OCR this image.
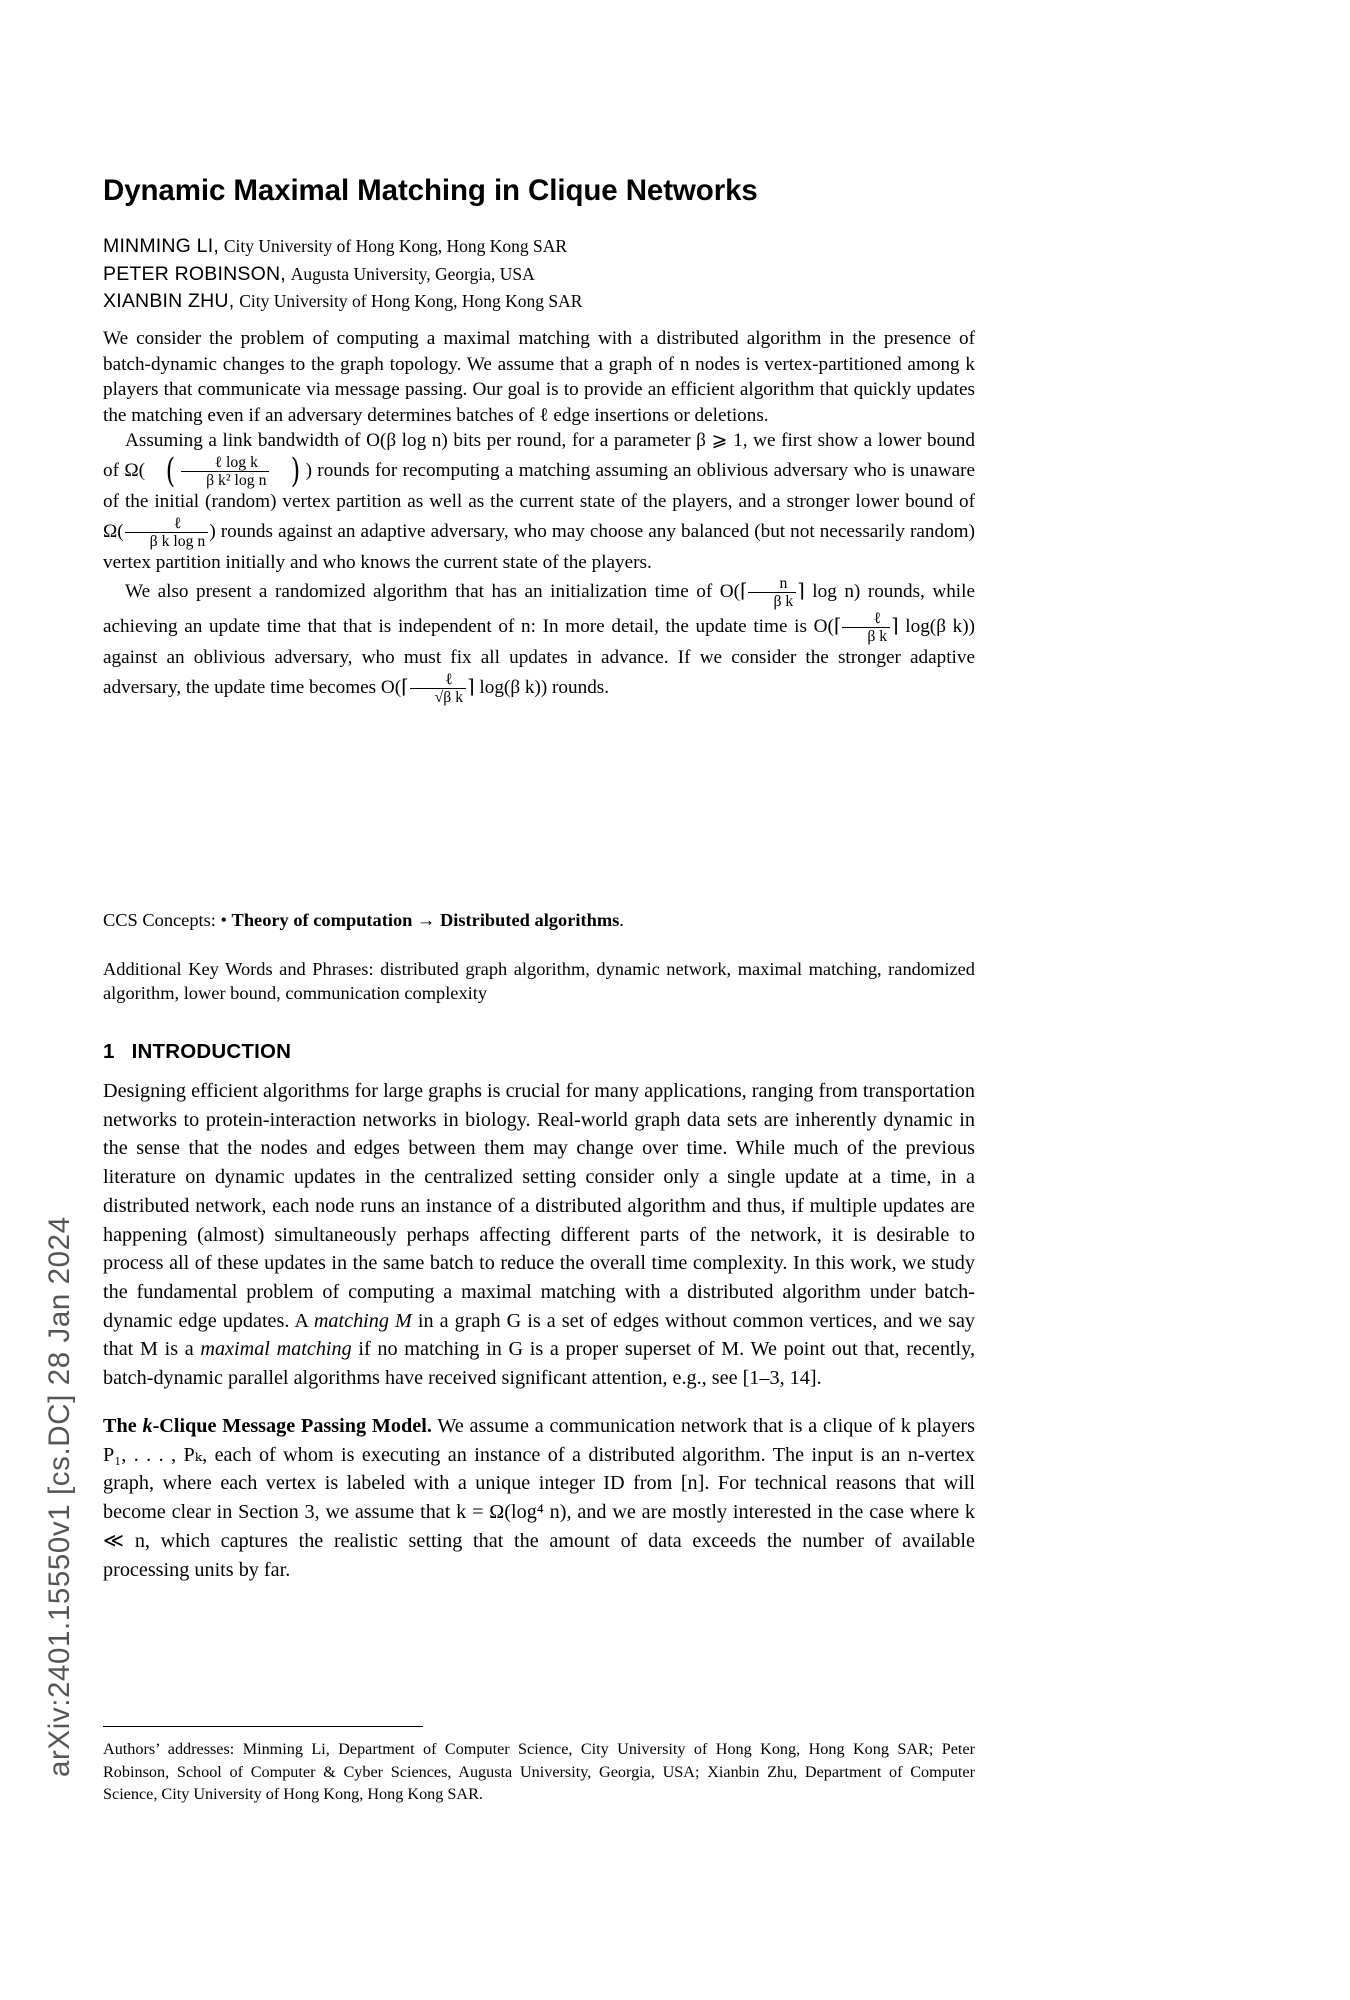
arXiv:2401.15550v1 [cs.DC] 28 Jan 2024
Dynamic Maximal Matching in Clique Networks
MINMING LI, City University of Hong Kong, Hong Kong SAR
PETER ROBINSON, Augusta University, Georgia, USA
XIANBIN ZHU, City University of Hong Kong, Hong Kong SAR

We consider the problem of computing a maximal matching with a distributed algorithm in the presence of batch-dynamic changes to the graph topology. We assume that a graph of n nodes is vertex-partitioned among k players that communicate via message passing. Our goal is to provide an efficient algorithm that quickly updates the matching even if an adversary determines batches of ℓ edge insertions or deletions.

Assuming a link bandwidth of O(β log n) bits per round, for a parameter β ⩾ 1, we first show a lower bound of Ω( ( $\frac{\text{ℓ log k}}{\text{β k² log n}}$ ) ) rounds for recomputing a matching assuming an oblivious adversary who is unaware of the initial (random) vertex partition as well as the current state of the players, and a stronger lower bound of $\Omega( \frac{\text{ℓ}}{\text{β k log n}}$ ) rounds against an adaptive adversary, who may choose any balanced (but not necessarily random) vertex partition initially and who knows the current state of the players.

We also present a randomized algorithm that has an initialization time of O(⌈ $\frac{n}{\text{β k}}$ ⌉ log n) rounds, while achieving an update time that that is independent of n: In more detail, the update time is O(⌈ $\frac{\text{ℓ}}{\text{β k}}$ ⌉ log(β k)) against an oblivious adversary, who must fix all updates in advance. If we consider the stronger adaptive adversary, the update time becomes O(⌈ $\frac{\text{ℓ}}{\text{√β k}}$ ⌉ log(β k)) rounds.

CCS Concepts: • Theory of computation → Distributed algorithms.
Additional Key Words and Phrases: distributed graph algorithm, dynamic network, maximal matching, randomized algorithm, lower bound, communication complexity
1 INTRODUCTION

Designing efficient algorithms for large graphs is crucial for many applications, ranging from transportation networks to protein-interaction networks in biology. Real-world graph data sets are inherently dynamic in the sense that the nodes and edges between them may change over time. While much of the previous literature on dynamic updates in the centralized setting consider only a single update at a time, in a distributed network, each node runs an instance of a distributed algorithm and thus, if multiple updates are happening (almost) simultaneously perhaps affecting different parts of the network, it is desirable to process all of these updates in the same batch to reduce the overall time complexity. In this work, we study the fundamental problem of computing a maximal matching with a distributed algorithm under batch-dynamic edge updates. A matching M in a graph G is a set of edges without common vertices, and we say that M is a maximal matching if no matching in G is a proper superset of M. We point out that, recently, batch-dynamic parallel algorithms have received significant attention, e.g., see [1–3, 14].

The k-Clique Message Passing Model. We assume a communication network that is a clique of k players P₁, . . . , Pₖ, each of whom is executing an instance of a distributed algorithm. The input is an n-vertex graph, where each vertex is labeled with a unique integer ID from [n]. For technical reasons that will become clear in Section 3, we assume that k = Ω(log⁴ n), and we are mostly interested in the case where k ≪ n, which captures the realistic setting that the amount of data exceeds the number of available processing units by far.

Authors’ addresses: Minming Li, Department of Computer Science, City University of Hong Kong, Hong Kong SAR; Peter Robinson, School of Computer & Cyber Sciences, Augusta University, Georgia, USA; Xianbin Zhu, Department of Computer Science, City University of Hong Kong, Hong Kong SAR.
